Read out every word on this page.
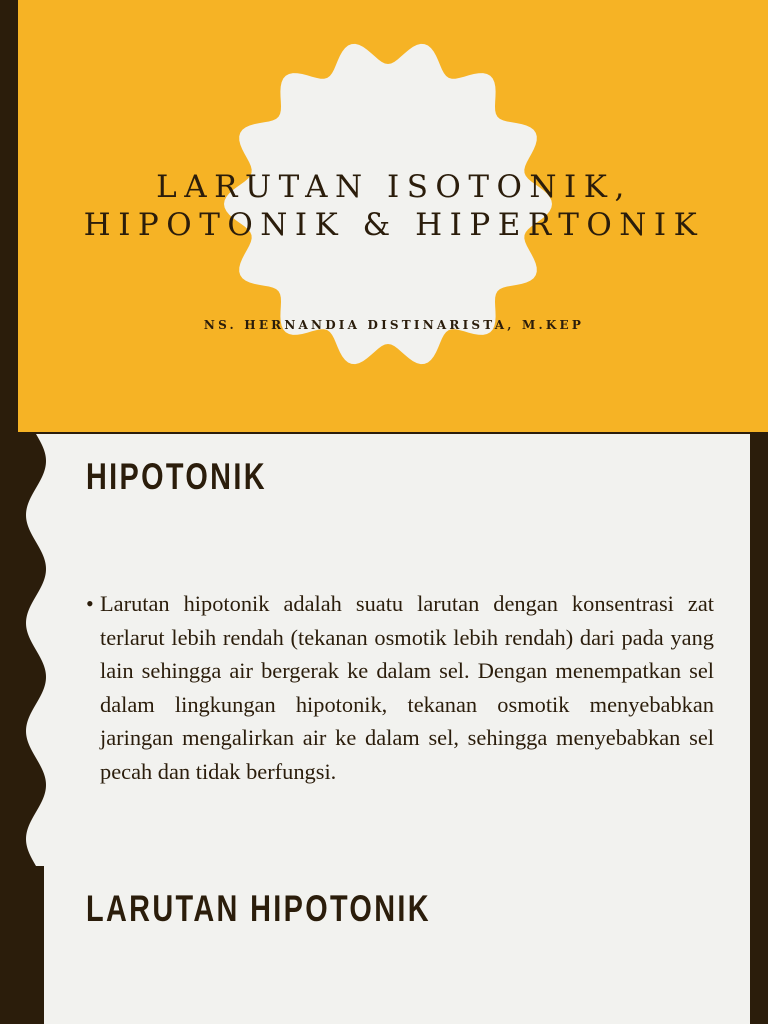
LARUTAN ISOTONIK,
HIPOTONIK & HIPERTONIK
NS. HERNANDIA DISTINARISTA, M.KEP
HIPOTONIK
• Larutan hipotonik adalah suatu larutan dengan konsentrasi zat terlarut lebih rendah (tekanan osmotik lebih rendah) dari pada yang lain sehingga air bergerak ke dalam sel. Dengan menempatkan sel dalam lingkungan hipotonik, tekanan osmotik menyebabkan jaringan mengalirkan air ke dalam sel, sehingga menyebabkan sel pecah dan tidak berfungsi.

LARUTAN HIPOTONIK
